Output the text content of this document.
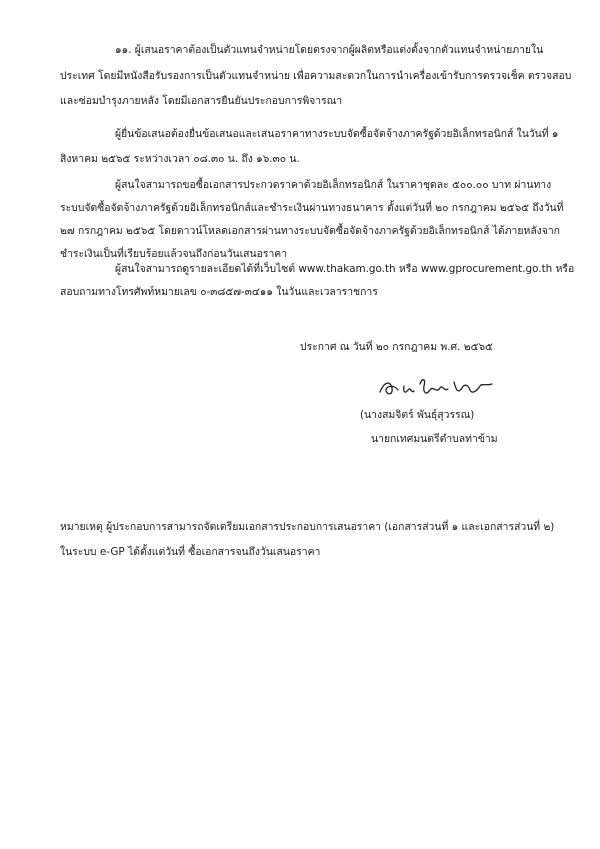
๑๑. ผู้เสนอราคาต้องเป็นตัวแทนจำหน่ายโดยตรงจากผู้ผลิตหรือแต่งตั้งจากตัวแทนจำหน่ายภายใน

ประเทศ โดยมีหนังสือรับรองการเป็นตัวแทนจำหน่าย เพื่อความสะดวกในการนำเครื่องเข้ารับการตรวจเช็ค ตรวจสอบ

และซ่อมบำรุงภายหลัง โดยมีเอกสารยืนยันประกอบการพิจารณา

ผู้ยื่นข้อเสนอต้องยื่นข้อเสนอและเสนอราคาทางระบบจัดซื้อจัดจ้างภาครัฐด้วยอิเล็กทรอนิกส์ ในวันที่ ๑

สิงหาคม ๒๕๖๕ ระหว่างเวลา ๐๘.๓๐ น. ถึง ๑๖.๓๐ น.

ผู้สนใจสามารถขอซื้อเอกสารประกวดราคาด้วยอิเล็กทรอนิกส์ ในราคาชุดละ ๕๐๐.๐๐ บาท ผ่านทาง

ระบบจัดซื้อจัดจ้างภาครัฐด้วยอิเล็กทรอนิกส์และชำระเงินผ่านทางธนาคาร ตั้งแต่วันที่ ๒๐ กรกฎาคม ๒๕๖๕ ถึงวันที่

๒๗ กรกฎาคม ๒๕๖๕ โดยดาวน์โหลดเอกสารผ่านทางระบบจัดซื้อจัดจ้างภาครัฐด้วยอิเล็กทรอนิกส์ ได้ภายหลังจาก

ชำระเงินเป็นที่เรียบร้อยแล้วจนถึงก่อนวันเสนอราคา

ผู้สนใจสามารถดูรายละเอียดได้ที่เว็บไซต์ www.thakam.go.th หรือ www.gprocurement.go.th หรือ

สอบถามทางโทรศัพท์หมายเลข ๐-๓๘๕๗-๓๔๑๑ ในวันและเวลาราชการ

ประกาศ ณ วันที่ ๒๐ กรกฎาคม พ.ศ. ๒๕๖๕

(นางสมจิตร์ พันธุ์สุวรรณ)

นายกเทศมนตรีตำบลท่าข้าม

หมายเหตุ ผู้ประกอบการสามารถจัดเตรียมเอกสารประกอบการเสนอราคา (เอกสารส่วนที่ ๑ และเอกสารส่วนที่ ๒)

ในระบบ e-GP ได้ตั้งแต่วันที่ ซื้อเอกสารจนถึงวันเสนอราคา
